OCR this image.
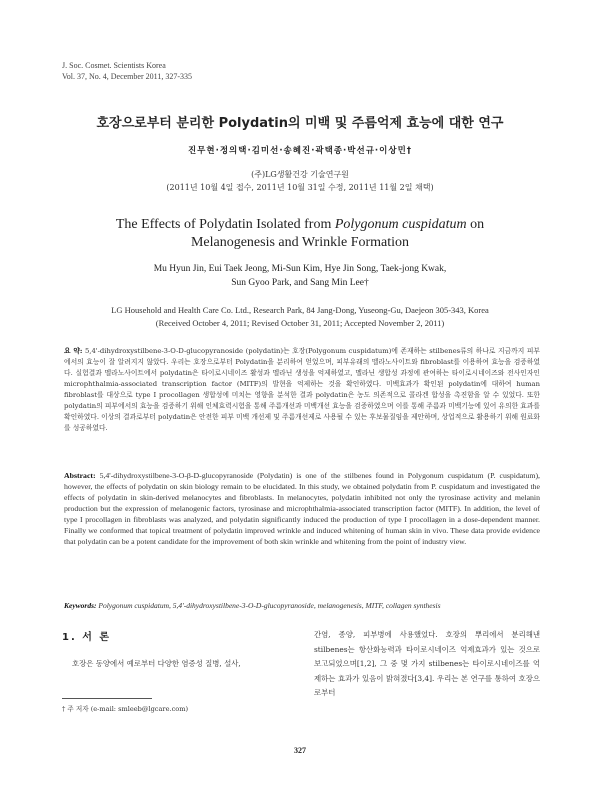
J. Soc. Cosmet. Scientists Korea
Vol. 37, No. 4, December 2011, 327-335
호장으로부터 분리한 Polydatin의 미백 및 주름억제 효능에 대한 연구
진무현·정의택·김미선·송혜진·곽택종·박선규·이상민†
(주)LG생활건강 기술연구원
(2011년 10월 4일 접수, 2011년 10월 31일 수정, 2011년 11월 2일 채택)
The Effects of Polydatin Isolated from Polygonum cuspidatum on
Melanogenesis and Wrinkle Formation
Mu Hyun Jin, Eui Taek Jeong, Mi-Sun Kim, Hye Jin Song, Taek-jong Kwak,
Sun Gyoo Park, and Sang Min Lee†
LG Household and Health Care Co. Ltd., Research Park, 84 Jang-Dong, Yuseong-Gu, Daejeon 305-343, Korea
(Received October 4, 2011; Revised October 31, 2011; Accepted November 2, 2011)
요 약: 5,4'-dihydroxystilbene-3-O-D-glucopyranoside (polydatin)는 호장(Polygonum cuspidatum)에 존재하는 stilbenes류의 하나로 지금까지 피부에서의 효능이 잘 알려지지 않았다. 우리는 호장으로부터 Polydatin을 분리하여 얻었으며, 피부유래의 멜라노사이트와 fibroblast를 이용하여 효능을 검증하였다. 실험결과 멜라노사이트에서 polydatin은 타이로시네이즈 활성과 멜라닌 생성을 억제하였고, 멜라닌 생합성 과정에 관여하는 타이로시네이즈와 전사인자인 microphthalmia-associated transcription factor (MITF)의 발현을 억제하는 것을 확인하였다. 미백효과가 확인된 polydatin에 대하여 human fibroblast를 대상으로 type I procollagen 생합성에 미치는 영향을 분석한 결과 polydatin은 농도 의존적으로 콜라겐 합성을 촉진함을 알 수 있었다. 또한 polydatin의 피부에서의 효능을 검증하기 위해 인체효력시험을 통해 주름개선과 미백개선 효능을 검증하였으며 이를 통해 주름과 미백기능에 있어 유의한 효과를 확인하였다. 이상의 결과로부터 polydatin은 안전한 피부 미백 개선제 및 주름개선제로 사용될 수 있는 후보물질임을 제안하며, 상업적으로 활용하기 위해 원료화를 성공하였다.
Abstract: 5,4'-dihydroxystilbene-3-O-β-D-glucopyranoside (Polydatin) is one of the stilbenes found in Polygonum cuspidatum (P. cuspidatum), however, the effects of polydatin on skin biology remain to be elucidated. In this study, we obtained polydatin from P. cuspidatum and investigated the effects of polydatin in skin-derived melanocytes and fibroblasts. In melanocytes, polydatin inhibited not only the tyrosinase activity and melanin production but the expression of melanogenic factors, tyrosinase and microphthalmia-associated transcription factor (MITF). In addition, the level of type I procollagen in fibroblasts was analyzed, and polydatin significantly induced the production of type I procollagen in a dose-dependent manner. Finally we conformed that topical treatment of polydatin improved wrinkle and induced whitening of human skin in vivo. These data provide evidence that polydatin can be a potent candidate for the improvement of both skin wrinkle and whitening from the point of industry view.
Keywords: Polygonum cuspidatum, 5,4'-dihydroxystilbene-3-O-D-glucopyranoside, melanogenesis, MITF, collagen synthesis
1. 서 론
호장은 동양에서 예로부터 다양한 염증성 질병, 설사,
† 주 저자 (e-mail: smleeb@lgcare.com)
간염, 종양, 피부병에 사용했었다. 호장의 뿌리에서 분리해낸 stilbenes는 항산화능력과 타이로시네이즈 억제효과가 있는 것으로 보고되었으며[1,2], 그 중 몇 가지 stilbenes는 타이로시네이즈를 억제하는 효과가 있음이 밝혀졌다[3,4]. 우리는 본 연구를 통하여 호장으로부터
327
